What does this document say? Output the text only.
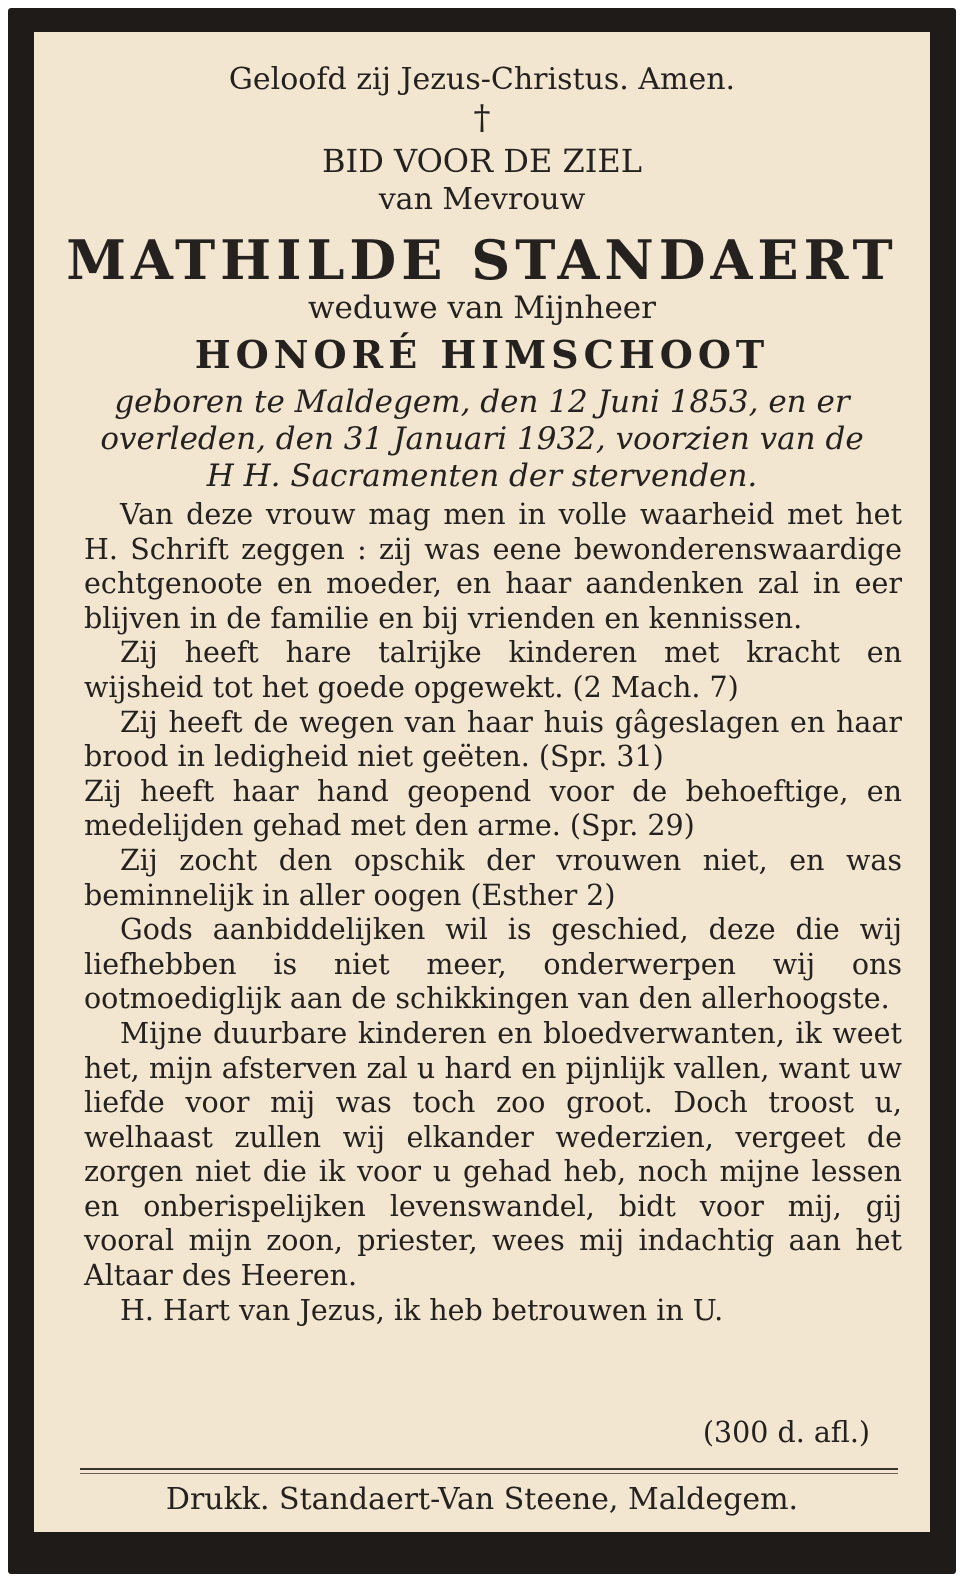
Geloofd zij Jezus-Christus. Amen.
†
BID VOOR DE ZIEL
van Mevrouw
MATHILDE STANDAERT
weduwe van Mijnheer
HONORÉ HIMSCHOOT
geboren te Maldegem, den 12 Juni 1853, en er
overleden, den 31 Januari 1932, voorzien van de
H H. Sacramenten der stervenden.

Van deze vrouw mag men in volle waarheid met het H. Schrift zeggen : zij was eene bewonderenswaardige echtgenoote en moeder, en haar aandenken zal in eer blijven in de familie en bij vrienden en kennissen.

Zij heeft hare talrijke kinderen met kracht en wijsheid tot het goede opgewekt. (2 Mach. 7)

Zij heeft de wegen van haar huis gâgeslagen en haar brood in ledigheid niet geëten. (Spr. 31)

Zij heeft haar hand geopend voor de behoeftige, en medelijden gehad met den arme. (Spr. 29)

Zij zocht den opschik der vrouwen niet, en was beminnelijk in aller oogen (Esther 2)

Gods aanbiddelijken wil is geschied, deze die wij liefhebben is niet meer, onderwerpen wij ons ootmoediglijk aan de schikkingen van den allerhoogste.

Mijne duurbare kinderen en bloedverwanten, ik weet het, mijn afsterven zal u hard en pijnlijk vallen, want uw liefde voor mij was toch zoo groot. Doch troost u, welhaast zullen wij elkander wederzien, vergeet de zorgen niet die ik voor u gehad heb, noch mijne lessen en onberispelijken levenswandel, bidt voor mij, gij vooral mijn zoon, priester, wees mij indachtig aan het Altaar des Heeren.

H. Hart van Jezus, ik heb betrouwen in U.

(300 d. afl.)
Drukk. Standaert-Van Steene, Maldegem.
